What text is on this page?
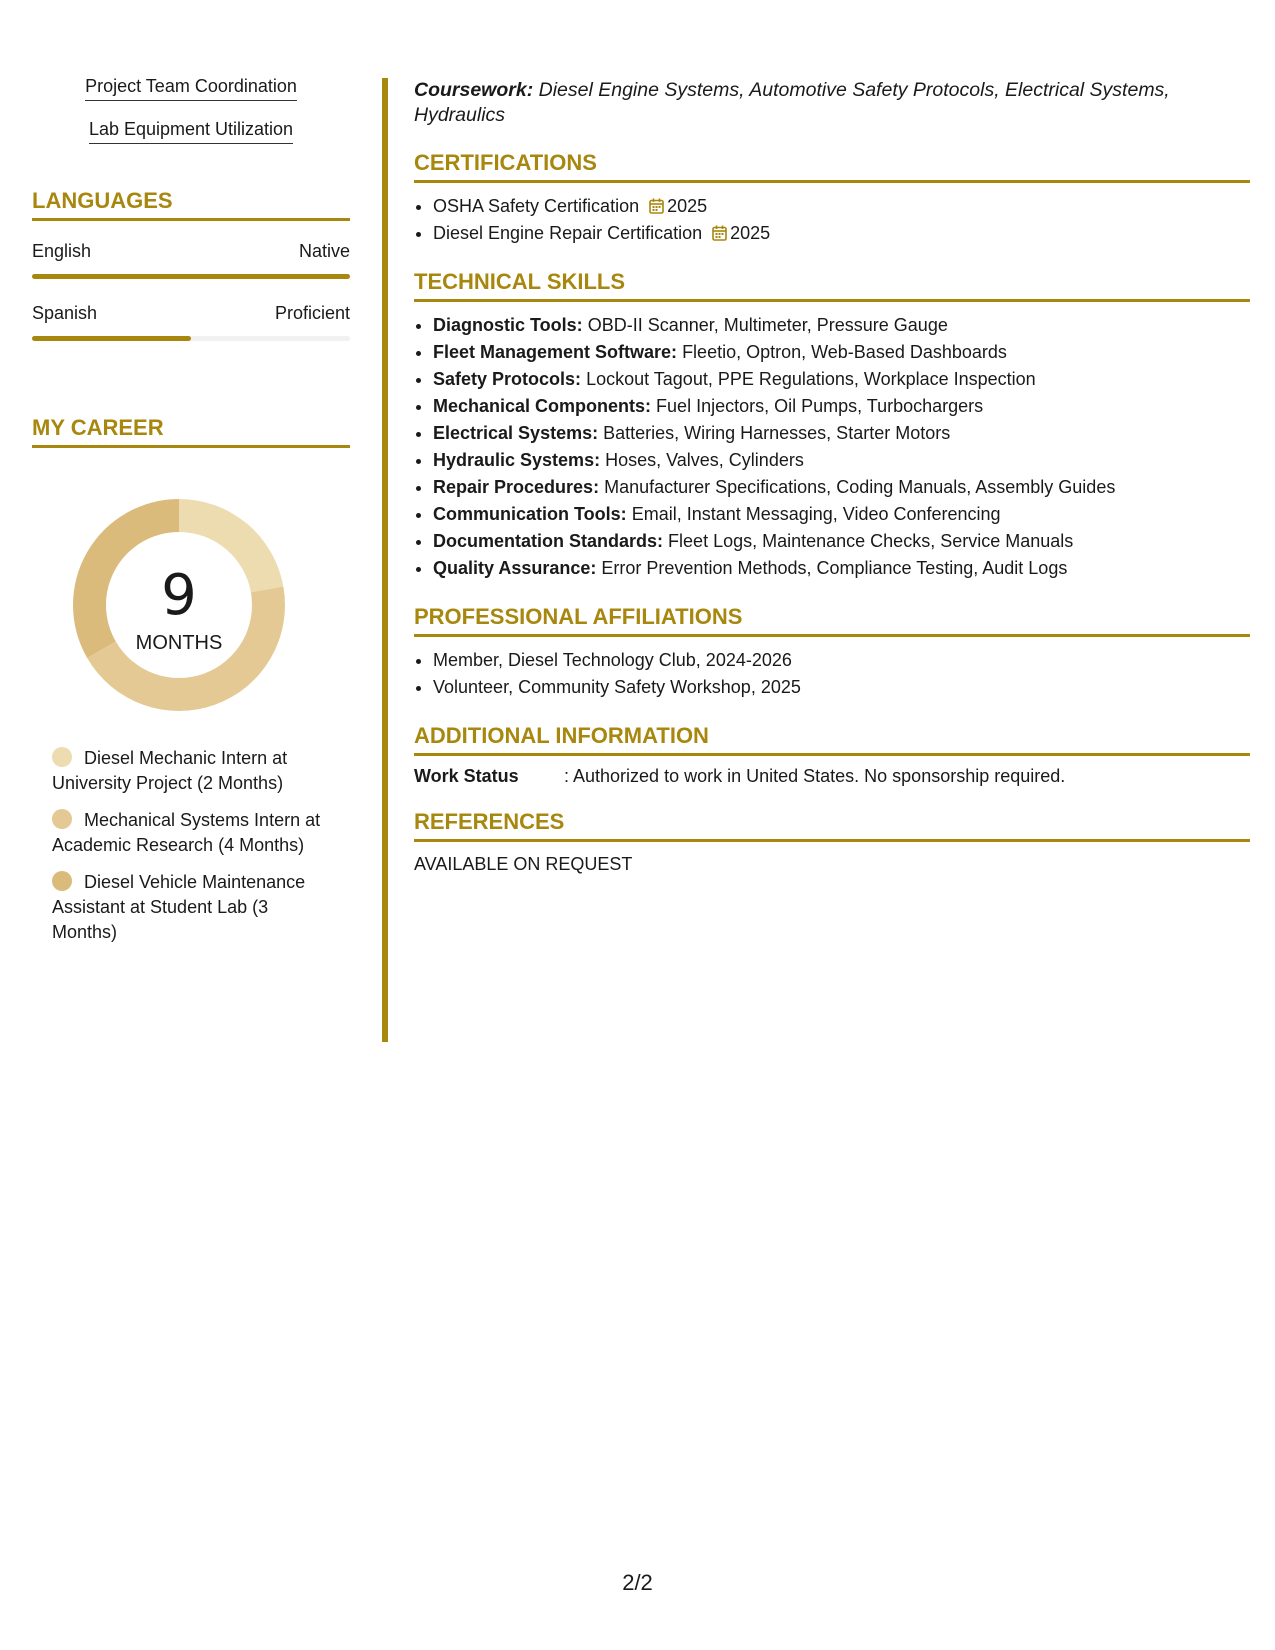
Project Team Coordination
Lab Equipment Utilization
LANGUAGES
English	Native
Spanish	Proficient
MY CAREER
9
MONTHS
Diesel Mechanic Intern at University Project (2 Months)
Mechanical Systems Intern at Academic Research (4 Months)
Diesel Vehicle Maintenance Assistant at Student Lab (3 Months)
Coursework: Diesel Engine Systems, Automotive Safety Protocols, Electrical Systems, Hydraulics
CERTIFICATIONS
• OSHA Safety Certification 2025
• Diesel Engine Repair Certification 2025
TECHNICAL SKILLS
• Diagnostic Tools: OBD-II Scanner, Multimeter, Pressure Gauge
• Fleet Management Software: Fleetio, Optron, Web-Based Dashboards
• Safety Protocols: Lockout Tagout, PPE Regulations, Workplace Inspection
• Mechanical Components: Fuel Injectors, Oil Pumps, Turbochargers
• Electrical Systems: Batteries, Wiring Harnesses, Starter Motors
• Hydraulic Systems: Hoses, Valves, Cylinders
• Repair Procedures: Manufacturer Specifications, Coding Manuals, Assembly Guides
• Communication Tools: Email, Instant Messaging, Video Conferencing
• Documentation Standards: Fleet Logs, Maintenance Checks, Service Manuals
• Quality Assurance: Error Prevention Methods, Compliance Testing, Audit Logs
PROFESSIONAL AFFILIATIONS
• Member, Diesel Technology Club, 2024-2026
• Volunteer, Community Safety Workshop, 2025
ADDITIONAL INFORMATION
Work Status	: Authorized to work in United States. No sponsorship required.
REFERENCES
AVAILABLE ON REQUEST
2/2
